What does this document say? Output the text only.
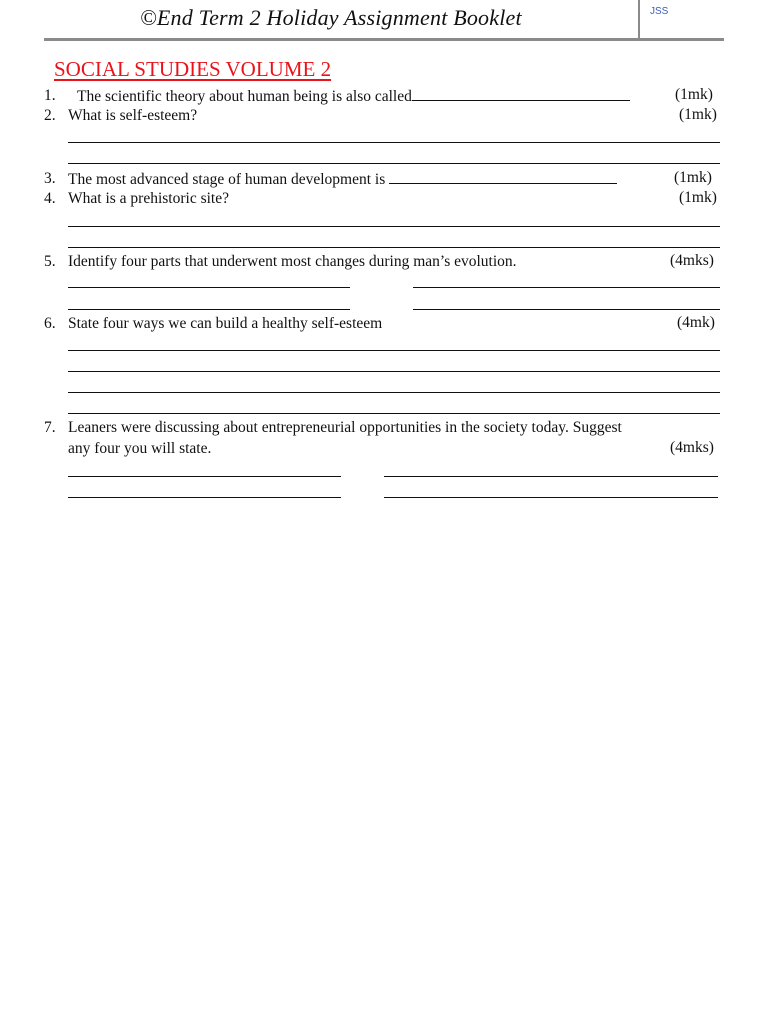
©End Term 2 Holiday Assignment Booklet	JSS
SOCIAL STUDIES VOLUME 2
1. The scientific theory about human being is also called	(1mk)
2. What is self-esteem?	(1mk)
3. The most advanced stage of human development is	(1mk)
4. What is a prehistoric site?	(1mk)
5. Identify four parts that underwent most changes during man’s evolution.	(4mks)
6. State four ways we can build a healthy self-esteem	(4mk)
7. Leaners were discussing about entrepreneurial opportunities in the society today. Suggest
any four you will state.	(4mks)
